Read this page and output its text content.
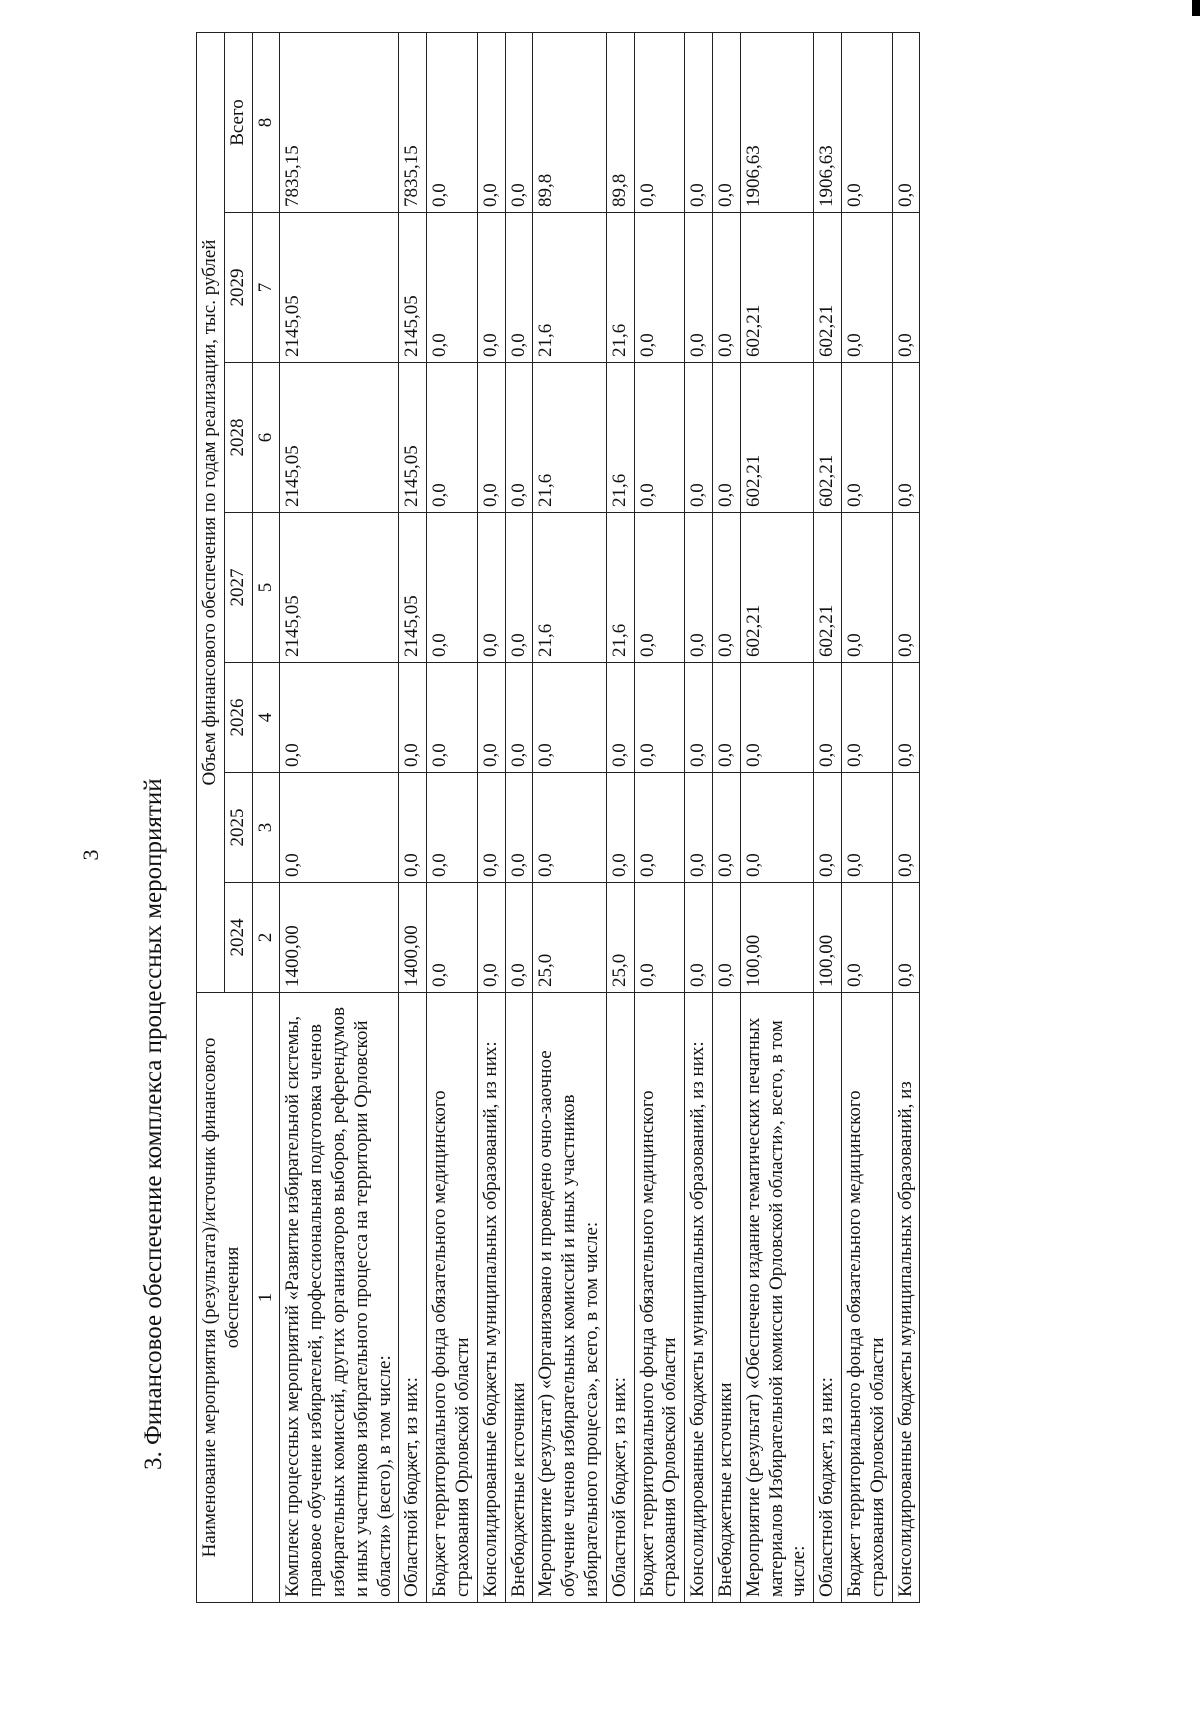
3 3. Финансовое обеспечение комплекса процессных мероприятий Наименование мероприятия (результата)/источник финансового обеспечения	Объем финансового обеспечения по годам реализации, тыс. рублей						
	2024	2025	2026	2027	2028	2029	Всего
1	2	3	4	5	6	7	8
Комплекс процессных мероприятий «Развитие избирательной системы, правовое обучение избирателей, профессиональная подготовка членов избирательных комиссий, других организаторов выборов, референдумов и иных участников избирательного процесса на территории Орловской области» (всего), в том числе:	1400,00	0,0	0,0	2145,05	2145,05	2145,05	7835,15
Областной бюджет, из них:	1400,00	0,0	0,0	2145,05	2145,05	2145,05	7835,15
Бюджет территориального фонда обязательного медицинского страхования Орловской области	0,0	0,0	0,0	0,0	0,0	0,0	0,0
Консолидированные бюджеты муниципальных образований, из них:	0,0	0,0	0,0	0,0	0,0	0,0	0,0
Внебюджетные источники	0,0	0,0	0,0	0,0	0,0	0,0	0,0
Мероприятие (результат) «Организовано и проведено очно-заочное обучение членов избирательных комиссий и иных участников избирательного процесса», всего, в том числе:	25,0	0,0	0,0	21,6	21,6	21,6	89,8
Областной бюджет, из них:	25,0	0,0	0,0	21,6	21,6	21,6	89,8
Бюджет территориального фонда обязательного медицинского страхования Орловской области	0,0	0,0	0,0	0,0	0,0	0,0	0,0
Консолидированные бюджеты муниципальных образований, из них:	0,0	0,0	0,0	0,0	0,0	0,0	0,0
Внебюджетные источники	0,0	0,0	0,0	0,0	0,0	0,0	0,0
Мероприятие (результат) «Обеспечено издание тематических печатных материалов Избирательной комиссии Орловской области», всего, в том числе:	100,00	0,0	0,0	602,21	602,21	602,21	1906,63
Областной бюджет, из них:	100,00	0,0	0,0	602,21	602,21	602,21	1906,63
Бюджет территориального фонда обязательного медицинского страхования Орловской области	0,0	0,0	0,0	0,0	0,0	0,0	0,0
Консолидированные бюджеты муниципальных образований, из	0,0	0,0	0,0	0,0	0,0	0,0	0,0
